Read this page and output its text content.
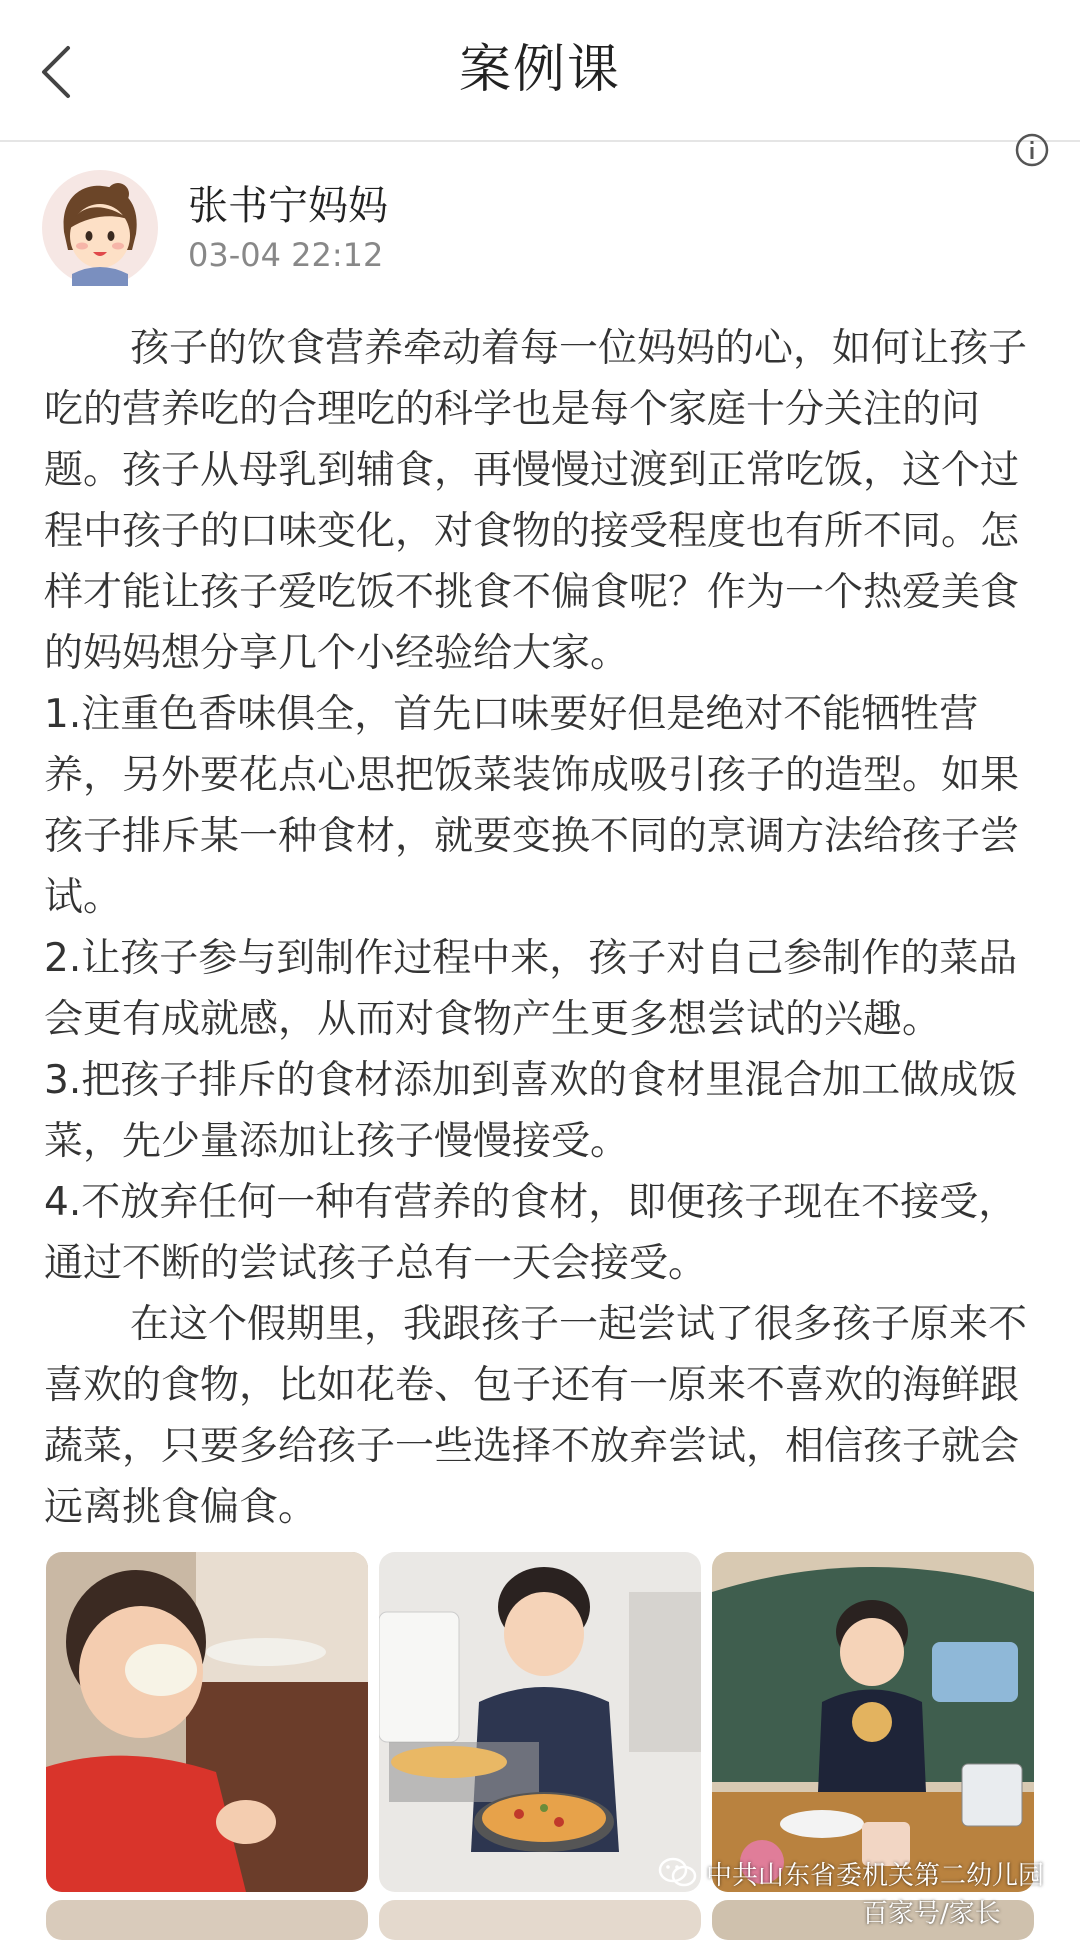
案例课
张书宁妈妈
03-04 22:12

孩子的饮食营养牵动着每一位妈妈的心，如何让孩子吃的营养吃的合理吃的科学也是每个家庭十分关注的问题。孩子从母乳到辅食，再慢慢过渡到正常吃饭，这个过程中孩子的口味变化，对食物的接受程度也有所不同。怎样才能让孩子爱吃饭不挑食不偏食呢？作为一个热爱美食的妈妈想分享几个小经验给大家。

1.注重色香味俱全，首先口味要好但是绝对不能牺牲营养，另外要花点心思把饭菜装饰成吸引孩子的造型。如果孩子排斥某一种食材，就要变换不同的烹调方法给孩子尝试。

2.让孩子参与到制作过程中来，孩子对自己参制作的菜品会更有成就感，从而对食物产生更多想尝试的兴趣。

3.把孩子排斥的食材添加到喜欢的食材里混合加工做成饭菜，先少量添加让孩子慢慢接受。

4.不放弃任何一种有营养的食材，即便孩子现在不接受，通过不断的尝试孩子总有一天会接受。

在这个假期里，我跟孩子一起尝试了很多孩子原来不喜欢的食物，比如花卷、包子还有一原来不喜欢的海鲜跟蔬菜，只要多给孩子一些选择不放弃尝试，相信孩子就会远离挑食偏食。

中共山东省委机关第二幼儿园
百家号/家长
